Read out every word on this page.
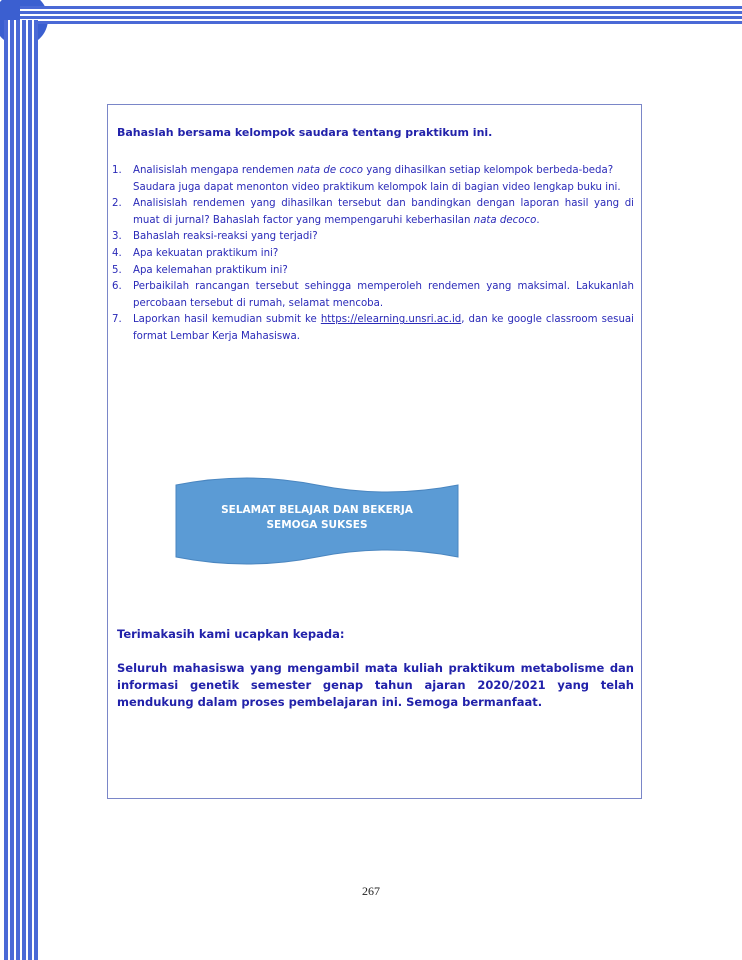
Bahaslah bersama kelompok saudara tentang praktikum ini.

1. Analisislah mengapa rendemen nata de coco yang dihasilkan setiap kelompok berbeda-beda?
Saudara juga dapat menonton video praktikum kelompok lain di bagian video lengkap buku ini.
2. Analisislah rendemen yang dihasilkan tersebut dan bandingkan dengan laporan hasil yang di muat di jurnal? Bahaslah factor yang mempengaruhi keberhasilan nata decoco.
3. Bahaslah reaksi-reaksi yang terjadi?
4. Apa kekuatan praktikum ini?
5. Apa kelemahan praktikum ini?
6. Perbaikilah rancangan tersebut sehingga memperoleh rendemen yang maksimal. Lakukanlah percobaan tersebut di rumah, selamat mencoba.
7. Laporkan hasil kemudian submit ke https://elearning.unsri.ac.id, dan ke google classroom sesuai format Lembar Kerja Mahasiswa.
SELAMAT BELAJAR DAN BEKERJA
SEMOGA SUKSES

Terimakasih kami ucapkan kepada:

Seluruh mahasiswa yang mengambil mata kuliah praktikum metabolisme dan informasi genetik semester genap tahun ajaran 2020/2021 yang telah mendukung dalam proses pembelajaran ini. Semoga bermanfaat.

267
